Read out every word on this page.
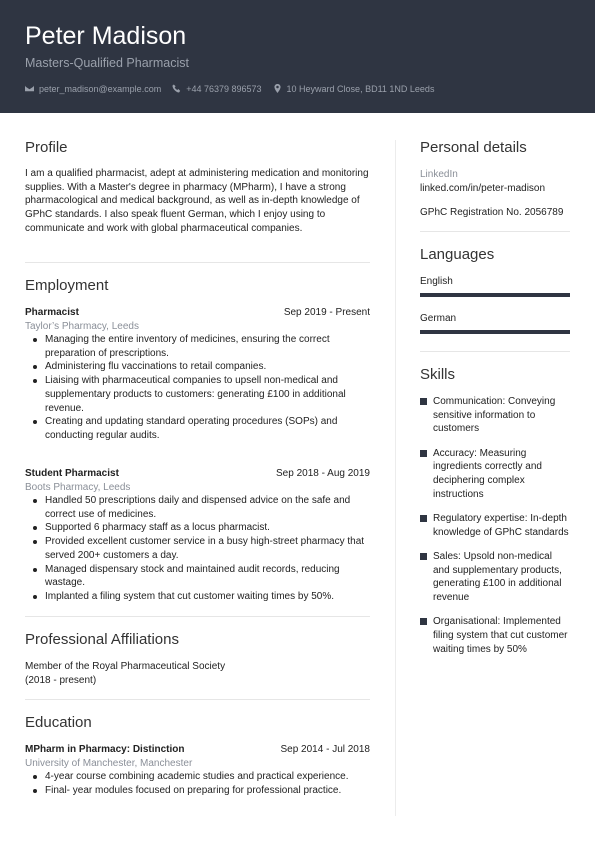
Peter Madison
Masters-Qualified Pharmacist
peter_madison@example.com	+44 76379 896573	10 Heyward Close, BD11 1ND Leeds
Profile
I am a qualified pharmacist, adept at administering medication and monitoring supplies. With a Master's degree in pharmacy (MPharm), I have a strong pharmacological and medical background, as well as in-depth knowledge of GPhC standards. I also speak fluent German, which I enjoy using to communicate and work with global pharmaceutical companies.
Employment
Pharmacist	Sep 2019 - Present
Taylor’s Pharmacy, Leeds
Managing the entire inventory of medicines, ensuring the correct preparation of prescriptions.
Administering flu vaccinations to retail companies.
Liaising with pharmaceutical companies to upsell non-medical and supplementary products to customers: generating £100 in additional revenue.
Creating and updating standard operating procedures (SOPs) and conducting regular audits.
Student Pharmacist	Sep 2018 - Aug 2019
Boots Pharmacy, Leeds
Handled 50 prescriptions daily and dispensed advice on the safe and correct use of medicines.
Supported 6 pharmacy staff as a locus pharmacist.
Provided excellent customer service in a busy high-street pharmacy that served 200+ customers a day.
Managed dispensary stock and maintained audit records, reducing wastage.
Implanted a filing system that cut customer waiting times by 50%.
Professional Affiliations
Member of the Royal Pharmaceutical Society
(2018 - present)
Education
MPharm in Pharmacy: Distinction	Sep 2014 - Jul 2018
University of Manchester, Manchester
4-year course combining academic studies and practical experience.
Final- year modules focused on preparing for professional practice.
Personal details
LinkedIn
linked.com/in/peter-madison
GPhC Registration No. 2056789
Languages
English
German
Skills
Communication: Conveying sensitive information to customers
Accuracy: Measuring ingredients correctly and deciphering complex instructions
Regulatory expertise: In-depth knowledge of GPhC standards
Sales: Upsold non-medical and supplementary products, generating £100 in additional revenue
Organisational: Implemented filing system that cut customer waiting times by 50%
